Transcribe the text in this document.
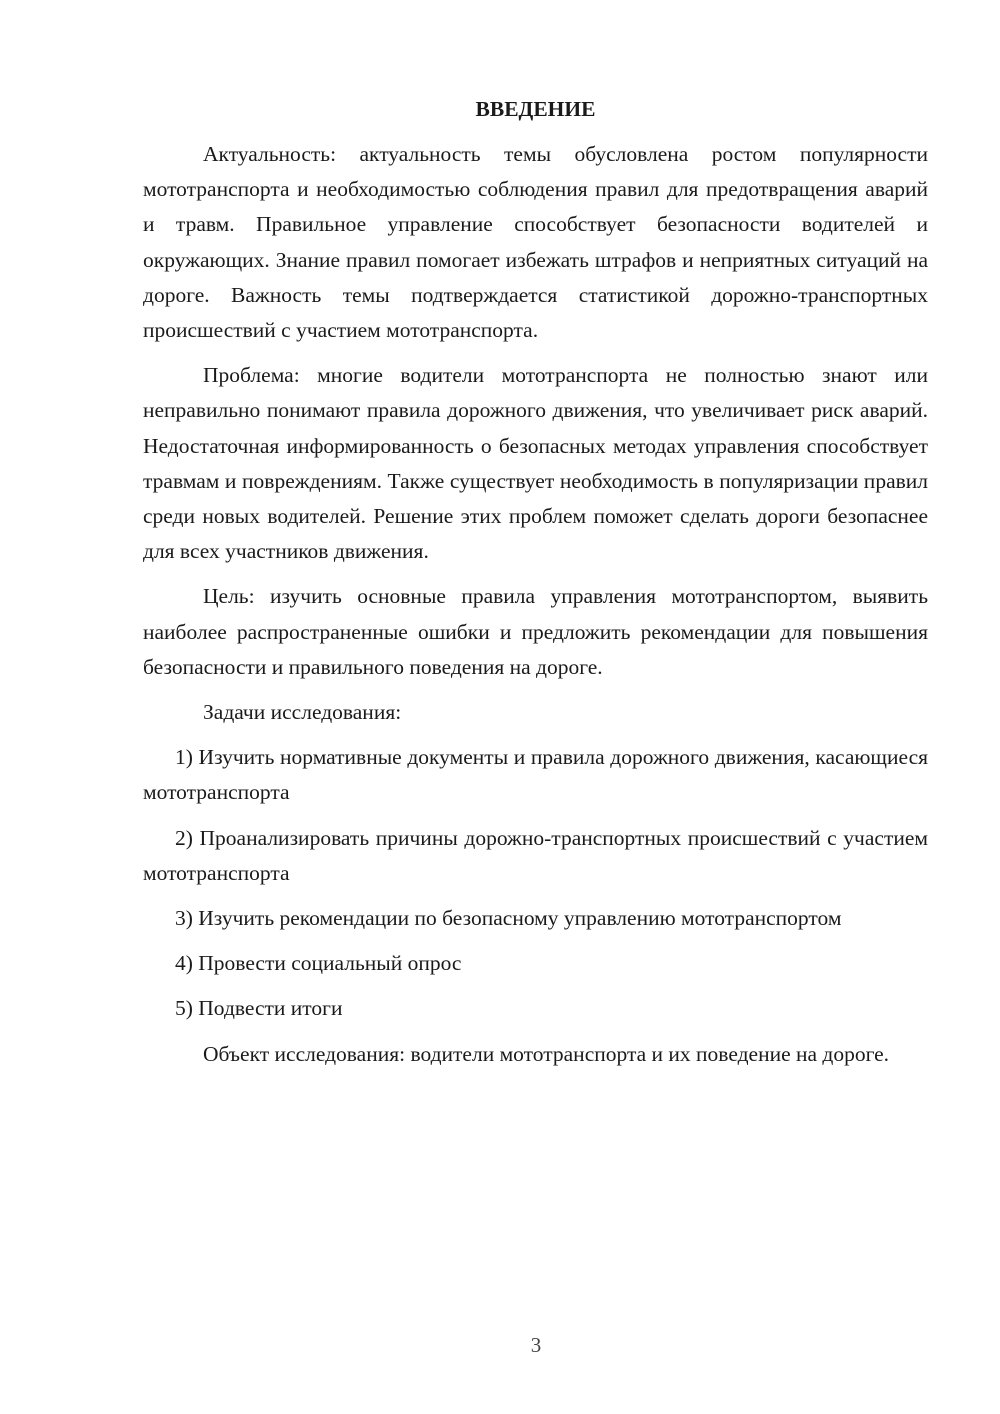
ВВЕДЕНИЕ

Актуальность: актуальность темы обусловлена ростом популярности мототранспорта и необходимостью соблюдения правил для предотвращения аварий и травм. Правильное управление способствует безопасности водителей и окружающих. Знание правил помогает избежать штрафов и неприятных ситуаций на дороге. Важность темы подтверждается статистикой дорожно-транспортных происшествий с участием мототранспорта.

Проблема: многие водители мототранспорта не полностью знают или неправильно понимают правила дорожного движения, что увеличивает риск аварий. Недостаточная информированность о безопасных методах управления способствует травмам и повреждениям. Также существует необходимость в популяризации правил среди новых водителей. Решение этих проблем поможет сделать дороги безопаснее для всех участников движения.

Цель: изучить основные правила управления мототранспортом, выявить наиболее распространенные ошибки и предложить рекомендации для повышения безопасности и правильного поведения на дороге.

Задачи исследования:

1) Изучить нормативные документы и правила дорожного движения, касающиеся мототранспорта

2) Проанализировать причины дорожно-транспортных происшествий с участием мототранспорта

3) Изучить рекомендации по безопасному управлению мототранспортом

4) Провести социальный опрос

5) Подвести итоги

Объект исследования: водители мототранспорта и их поведение на дороге.

3
